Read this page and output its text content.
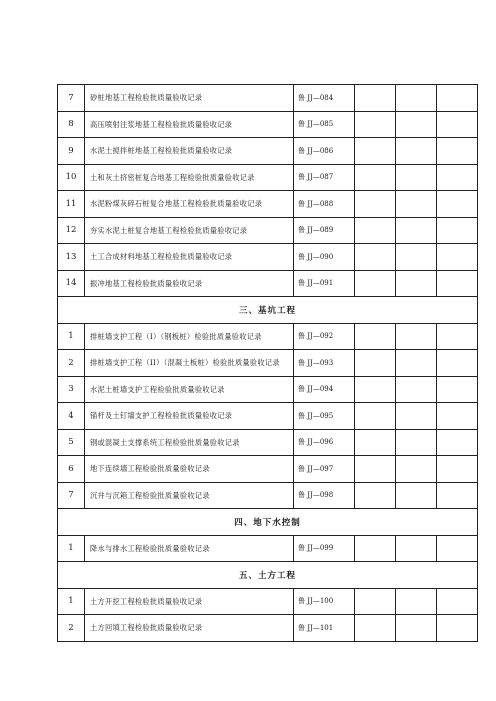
7	砂桩地基工程检验批质量验收记录	鲁 JJ—084			
8	高压喷射注浆地基工程检验批质量验收记录	鲁 JJ—085			
9	水泥土搅拌桩地基工程检验批质量验收记录	鲁 JJ—086			
10	土和灰土挤密桩复合地基工程检验批质量验收记录	鲁 JJ—087			
11	水泥粉煤灰碎石桩复合地基工程检验批质量验收记录	鲁 JJ—088			
12	夯实水泥土桩复合地基工程检验批质量验收记录	鲁 JJ—089			
13	土工合成材料地基工程检验批质量验收记录	鲁 JJ—090			
14	振冲地基工程检验批质量验收记录	鲁 JJ—091			
三、基坑工程					
1	排桩墙支护工程（I）（钢板桩）检验批质量验收记录	鲁 JJ—092			
2	排桩墙支护工程（II）（混凝土板桩）检验批质量验收记录	鲁 JJ—093			
3	水泥土桩墙支护工程检验批质量验收记录	鲁 JJ—094			
4	锚杆及土钉墙支护工程检验批质量验收记录	鲁 JJ—095			
5	钢或混凝土支撑系统工程检验批质量验收记录	鲁 JJ—096			
6	地下连续墙工程检验批质量验收记录	鲁 JJ—097			
7	沉井与沉箱工程检验批质量验收记录	鲁 JJ—098			
四、地下水控制					
1	降水与排水工程检验批质量验收记录	鲁 JJ—099			
五、土方工程					
1	土方开挖工程检验批质量验收记录	鲁 JJ—100			
2	土方回填工程检验批质量验收记录	鲁 JJ—101			
